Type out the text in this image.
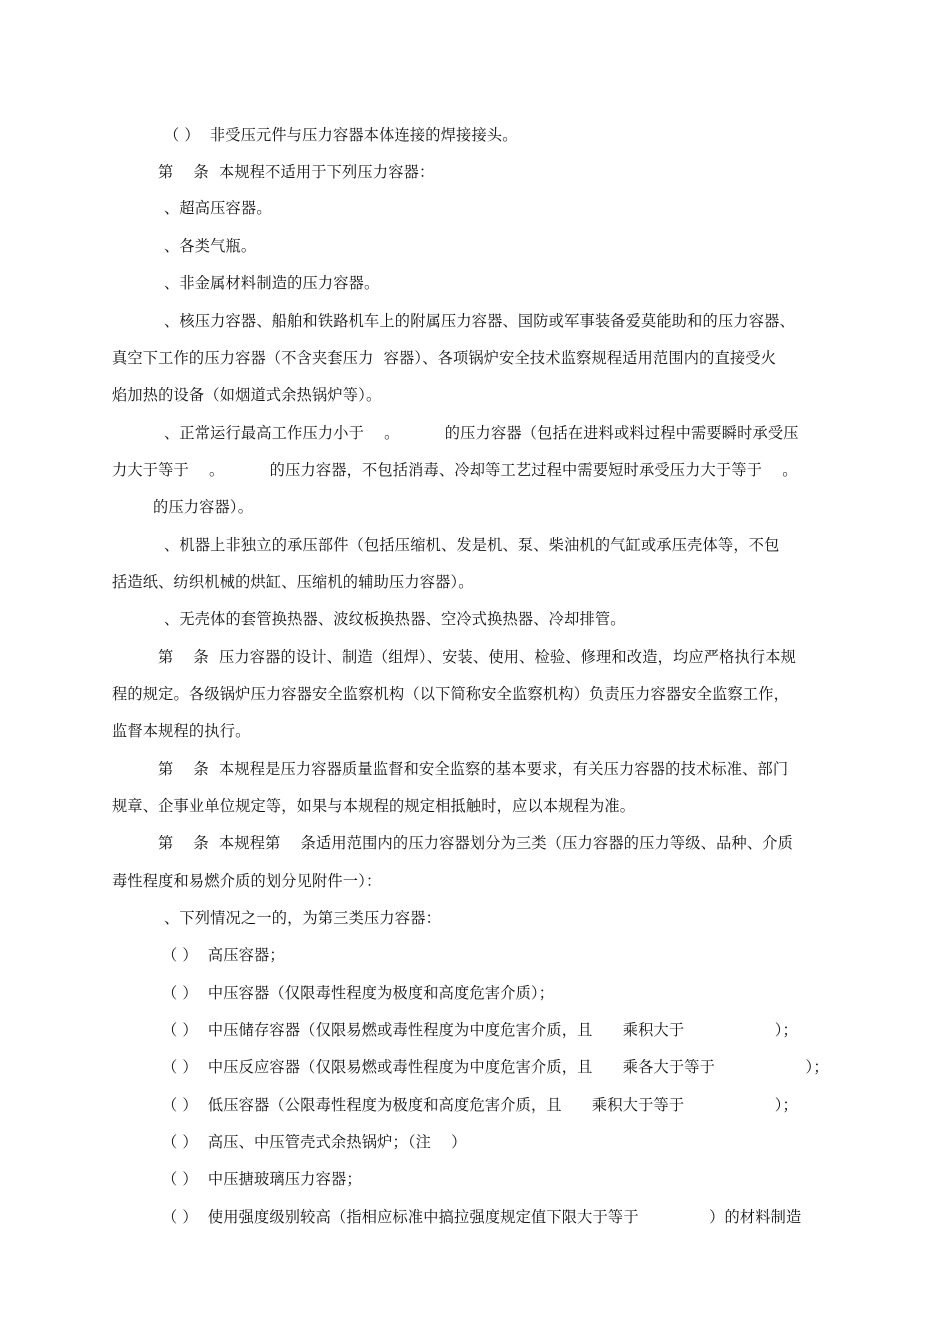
（ ）  非受压元件与压力容器本体连接的焊接接头。

第    条  本规程不适用于下列压力容器：

、超高压容器。

、各类气瓶。

、非金属材料制造的压力容器。

、核压力容器、船舶和铁路机车上的附属压力容器、国防或军事装备爱莫能助和的压力容器、

真空下工作的压力容器（不含夹套压力  容器）、各项锅炉安全技术监察规程适用范围内的直接受火

焰加热的设备（如烟道式余热锅炉等）。

、正常运行最高工作压力小于    。         的压力容器（包括在进料或料过程中需要瞬时承受压

力大于等于    。         的压力容器，不包括消毒、冷却等工艺过程中需要短时承受压力大于等于    。

的压力容器）。

、机器上非独立的承压部件（包括压缩机、发是机、泵、柴油机的气缸或承压壳体等，不包

括造纸、纺织机械的烘缸、压缩机的辅助压力容器）。

、无壳体的套管换热器、波纹板换热器、空冷式换热器、冷却排管。

第    条  压力容器的设计、制造（组焊）、安装、使用、检验、修理和改造，均应严格执行本规

程的规定。各级锅炉压力容器安全监察机构（以下简称安全监察机构）负责压力容器安全监察工作，

监督本规程的执行。

第    条  本规程是压力容器质量监督和安全监察的基本要求，有关压力容器的技术标准、部门

规章、企事业单位规定等，如果与本规程的规定相抵触时，应以本规程为准。

第    条  本规程第    条适用范围内的压力容器划分为三类（压力容器的压力等级、品种、介质

毒性程度和易燃介质的划分见附件一）：

、下列情况之一的，为第三类压力容器：

（ ）  高压容器；

（ ）  中压容器（仅限毒性程度为极度和高度危害介质）；

（ ）  中压储存容器（仅限易燃或毒性程度为中度危害介质，且      乘积大于                  ）；

（ ）  中压反应容器（仅限易燃或毒性程度为中度危害介质，且      乘各大于等于                  ）；

（ ）  低压容器（公限毒性程度为极度和高度危害介质，且      乘积大于等于                  ）；

（ ）  高压、中压管壳式余热锅炉；（注    ）

（ ）  中压搪玻璃压力容器；

（ ）  使用强度级别较高（指相应标准中搞拉强度规定值下限大于等于              ）的材料制造
